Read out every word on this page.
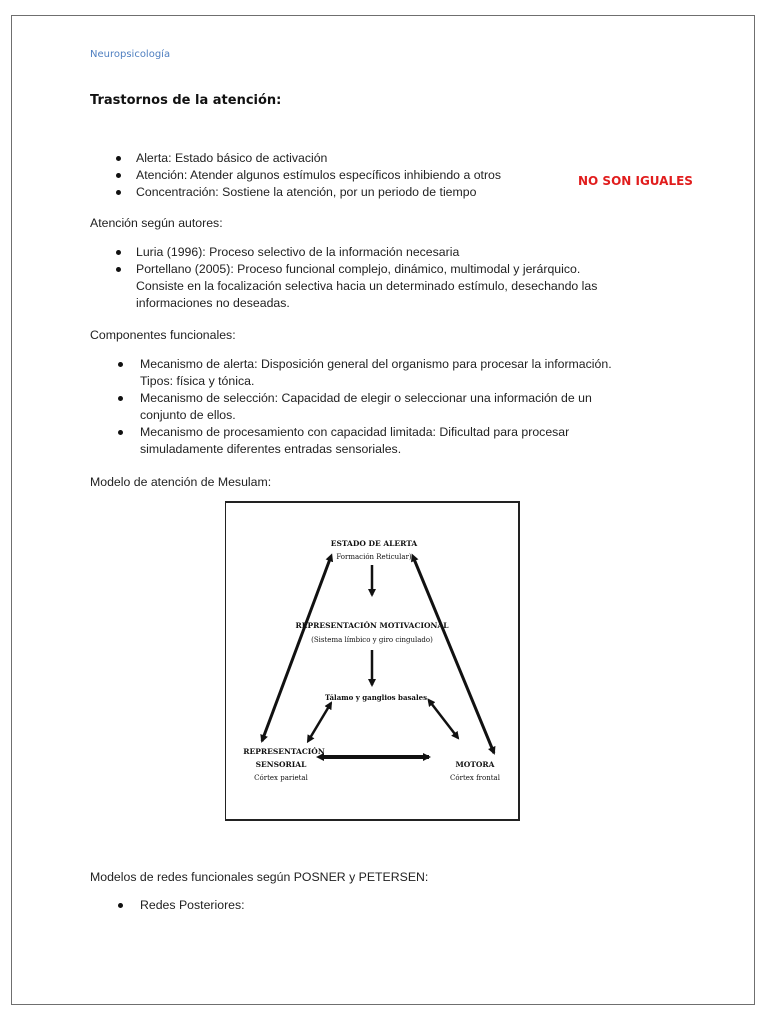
Neuropsicología
Trastornos de la atención:
Alerta: Estado básico de activación
Atención: Atender algunos estímulos específicos inhibiendo a otros
Concentración: Sostiene la atención, por un periodo de tiempo
NO SON IGUALES
Atención según autores:
Luria (1996): Proceso selectivo de la información necesaria
Portellano (2005): Proceso funcional complejo, dinámico, multimodal y jerárquico.
Consiste en la focalización selectiva hacia un determinado estímulo, desechando las
informaciones no deseadas.
Componentes funcionales:
Mecanismo de alerta: Disposición general del organismo para procesar la información.
Tipos: física y tónica.
Mecanismo de selección: Capacidad de elegir o seleccionar una información de un
conjunto de ellos.
Mecanismo de procesamiento con capacidad limitada: Dificultad para procesar
simuladamente diferentes entradas sensoriales.
Modelo de atención de Mesulam:
ESTADO DE ALERTA
Formación Reticular)
REPRESENTACIÓN MOTIVACIONAL
(Sistema límbico y giro cingulado)
Tálamo y ganglios basales
REPRESENTACIÓN
SENSORIAL
Córtex parietal
MOTORA
Córtex frontal
Modelos de redes funcionales según POSNER y PETERSEN:
Redes Posteriores:
